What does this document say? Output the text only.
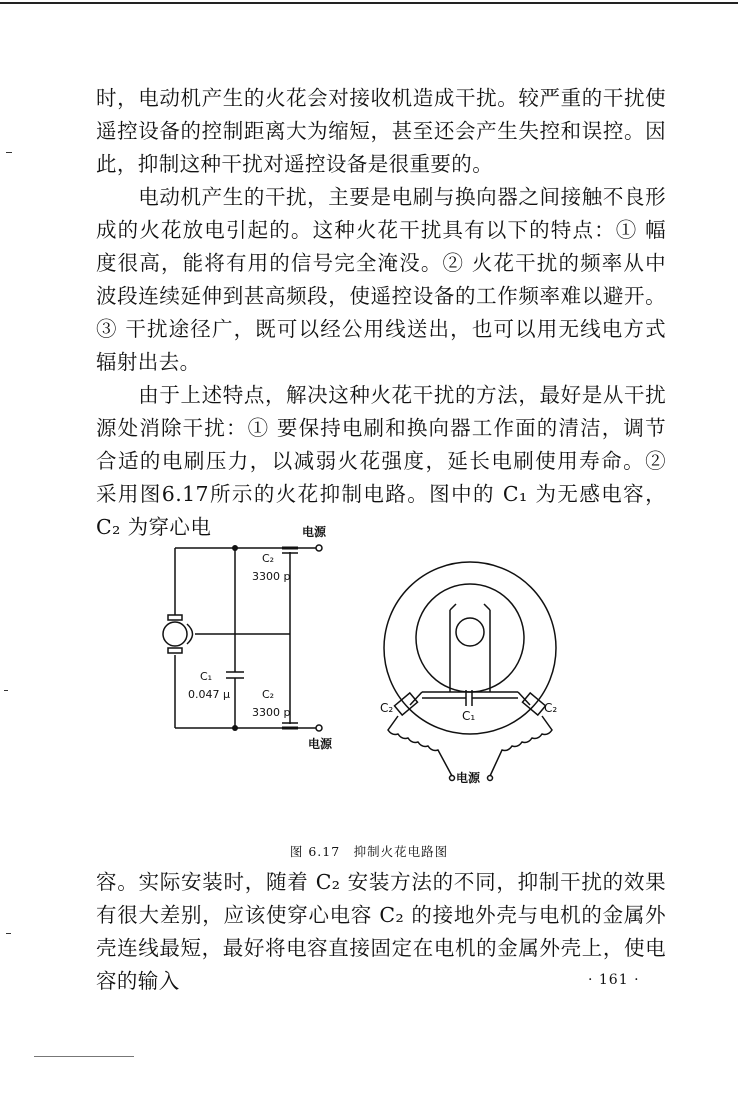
时，电动机产生的火花会对接收机造成干扰。较严重的干扰使遥控设备的控制距离大为缩短，甚至还会产生失控和误控。因此，抑制这种干扰对遥控设备是很重要的。

电动机产生的干扰，主要是电刷与换向器之间接触不良形成的火花放电引起的。这种火花干扰具有以下的特点：① 幅度很高，能将有用的信号完全淹没。② 火花干扰的频率从中波段连续延伸到甚高频段，使遥控设备的工作频率难以避开。③ 干扰途径广，既可以经公用线送出，也可以用无线电方式辐射出去。

由于上述特点，解决这种火花干扰的方法，最好是从干扰源处消除干扰：① 要保持电刷和换向器工作面的清洁，调节合适的电刷压力，以减弱火花强度，延长电刷使用寿命。② 采用图6.17所示的火花抑制电路。图中的 C₁ 为无感电容，C₂ 为穿心电	电源
电源
C₂
3300 p
C₁
0.047 μ	C₂
3300 p	C₂	C₂
C₁
电源
图 6.17　抑制火花电路图

容。实际安装时，随着 C₂ 安装方法的不同，抑制干扰的效果有很大差别，应该使穿心电容 C₂ 的接地外壳与电机的金属外壳连线最短，最好将电容直接固定在电机的金属外壳上，使电容的输入	· 161 ·
